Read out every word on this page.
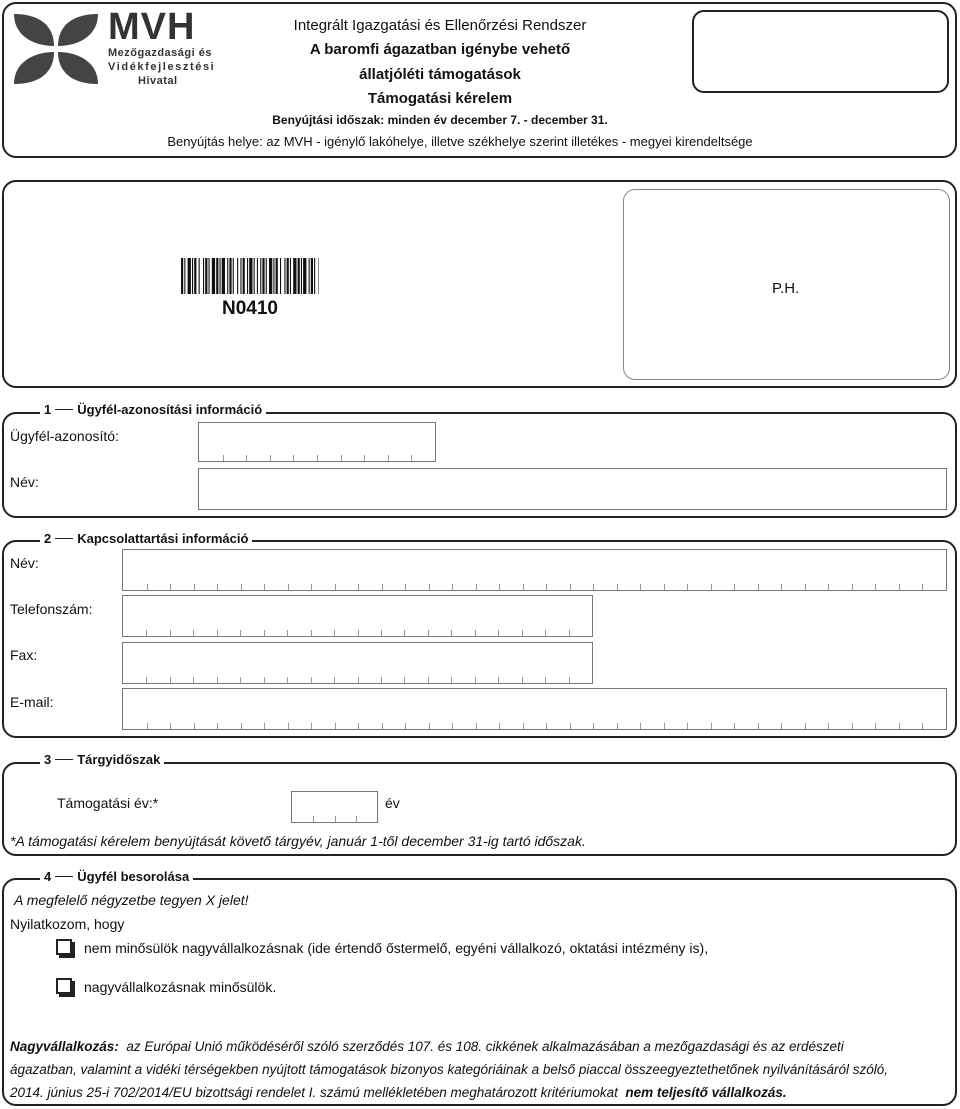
MVH
Mezőgazdasági és
Vidékfejlesztési
Hivatal
Integrált Igazgatási és Ellenőrzési Rendszer
A baromfi ágazatban igénybe vehető
állatjóléti támogatások
Támogatási kérelem
Benyújtási időszak: minden év december 7. - december 31.
Benyújtás helye: az MVH - igénylő lakóhelye, illetve székhelye szerint illetékes - megyei kirendeltsége
N0410
P.H.
1 Ügyfél-azonosítási információ
Ügyfél-azonosító:
Név:
2 Kapcsolattartási információ
Név:
Telefonszám:
Fax:
E-mail:
3 Tárgyidőszak
Támogatási év:*	év
*A támogatási kérelem benyújtását követő tárgyév, január 1-től december 31-ig tartó időszak.
4 Ügyfél besorolása
A megfelelő négyzetbe tegyen X jelet!
Nyilatkozom, hogy
nem minősülök nagyvállalkozásnak (ide értendő őstermelő, egyéni vállalkozó, oktatási intézmény is),
nagyvállalkozásnak minősülök.
Nagyvállalkozás: az Európai Unió működéséről szóló szerződés 107. és 108. cikkének alkalmazásában a mezőgazdasági és az erdészeti
ágazatban, valamint a vidéki térségekben nyújtott támogatások bizonyos kategóriáinak a belső piaccal összeegyeztethetőnek nyilvánításáról szóló,
2014. június 25-i 702/2014/EU bizottsági rendelet I. számú mellékletében meghatározott kritériumokat nem teljesítő vállalkozás.
